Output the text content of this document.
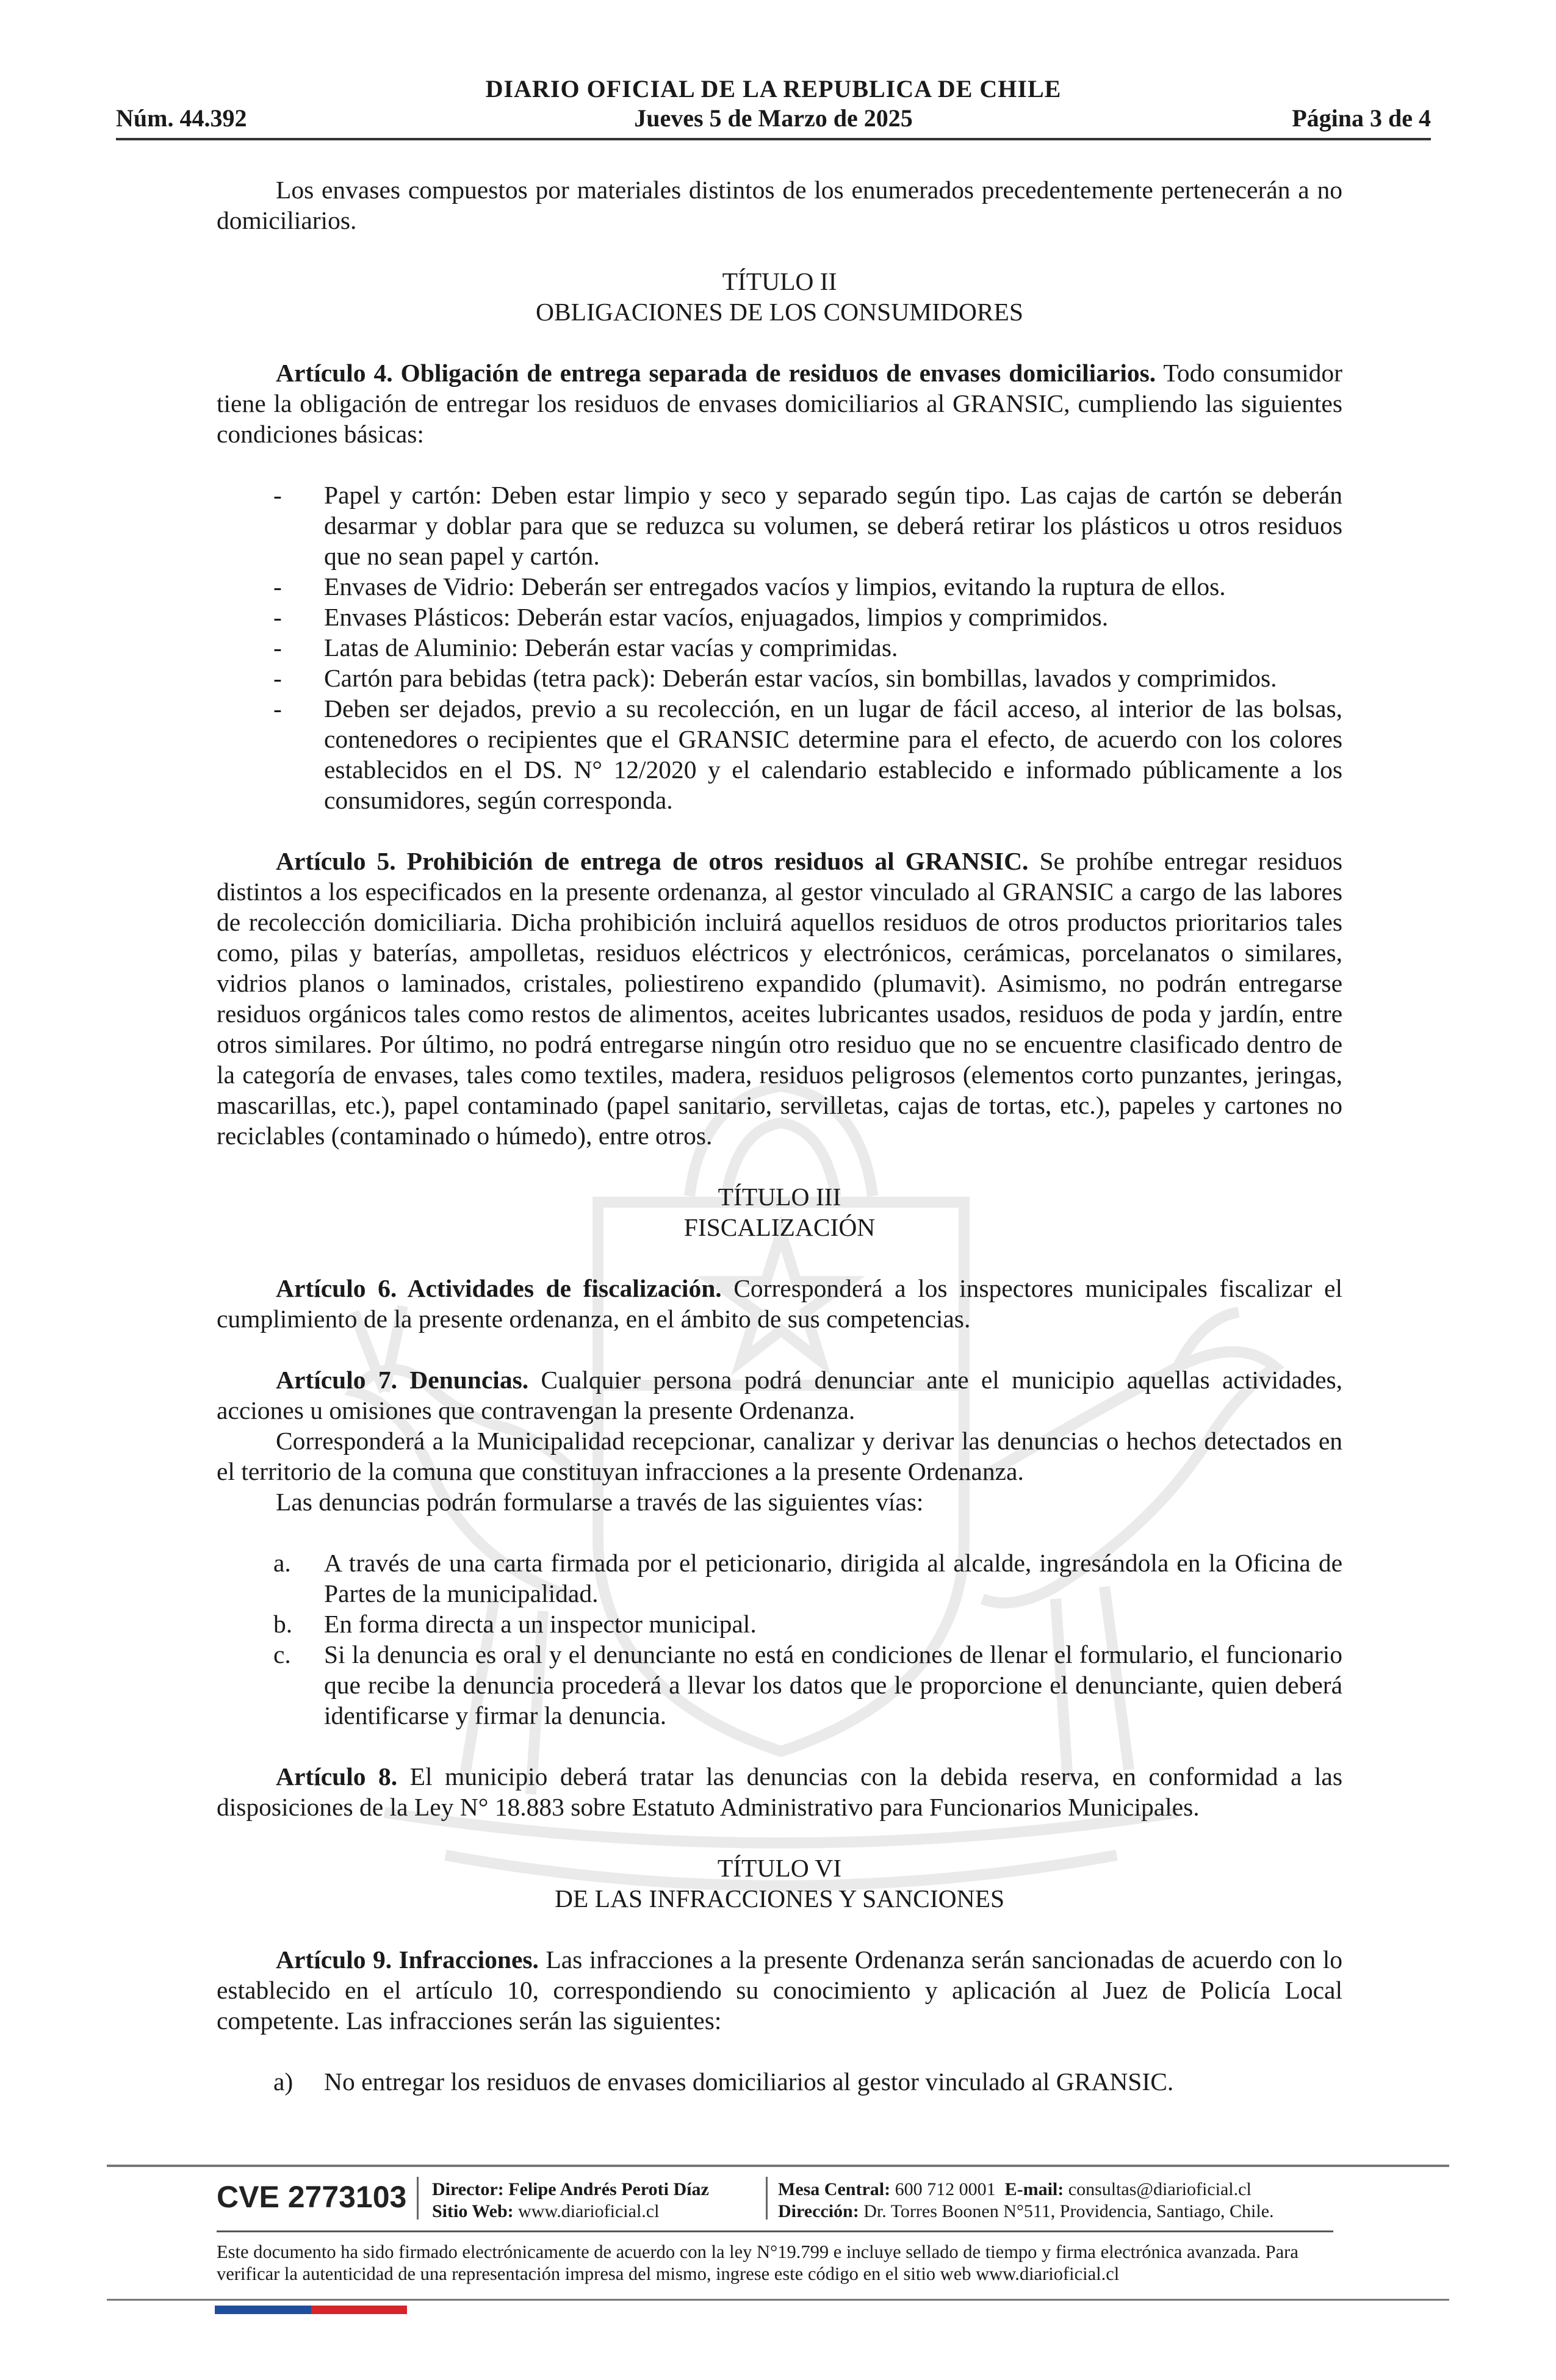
DIARIO OFICIAL DE LA REPUBLICA DE CHILE
Núm. 44.392	Jueves 5 de Marzo de 2025	Página 3 de 4

Los envases compuestos por materiales distintos de los enumerados precedentemente pertenecerán a no domiciliarios.

TÍTULO II

OBLIGACIONES DE LOS CONSUMIDORES

Artículo 4. Obligación de entrega separada de residuos de envases domiciliarios. Todo consumidor tiene la obligación de entregar los residuos de envases domiciliarios al GRANSIC, cumpliendo las siguientes condiciones básicas:

- Papel y cartón: Deben estar limpio y seco y separado según tipo. Las cajas de cartón se deberán desarmar y doblar para que se reduzca su volumen, se deberá retirar los plásticos u otros residuos que no sean papel y cartón.
- Envases de Vidrio: Deberán ser entregados vacíos y limpios, evitando la ruptura de ellos.
- Envases Plásticos: Deberán estar vacíos, enjuagados, limpios y comprimidos.
- Latas de Aluminio: Deberán estar vacías y comprimidas.
- Cartón para bebidas (tetra pack): Deberán estar vacíos, sin bombillas, lavados y comprimidos.
- Deben ser dejados, previo a su recolección, en un lugar de fácil acceso, al interior de las bolsas, contenedores o recipientes que el GRANSIC determine para el efecto, de acuerdo con los colores establecidos en el DS. N° 12/2020 y el calendario establecido e informado públicamente a los consumidores, según corresponda.

Artículo 5. Prohibición de entrega de otros residuos al GRANSIC. Se prohíbe entregar residuos distintos a los especificados en la presente ordenanza, al gestor vinculado al GRANSIC a cargo de las labores de recolección domiciliaria. Dicha prohibición incluirá aquellos residuos de otros productos prioritarios tales como, pilas y baterías, ampolletas, residuos eléctricos y electrónicos, cerámicas, porcelanatos o similares, vidrios planos o laminados, cristales, poliestireno expandido (plumavit). Asimismo, no podrán entregarse residuos orgánicos tales como restos de alimentos, aceites lubricantes usados, residuos de poda y jardín, entre otros similares. Por último, no podrá entregarse ningún otro residuo que no se encuentre clasificado dentro de la categoría de envases, tales como textiles, madera, residuos peligrosos (elementos corto punzantes, jeringas, mascarillas, etc.), papel contaminado (papel sanitario, servilletas, cajas de tortas, etc.), papeles y cartones no reciclables (contaminado o húmedo), entre otros.

TÍTULO III

FISCALIZACIÓN

Artículo 6. Actividades de fiscalización. Corresponderá a los inspectores municipales fiscalizar el cumplimiento de la presente ordenanza, en el ámbito de sus competencias.

Artículo 7. Denuncias. Cualquier persona podrá denunciar ante el municipio aquellas actividades, acciones u omisiones que contravengan la presente Ordenanza.

Corresponderá a la Municipalidad recepcionar, canalizar y derivar las denuncias o hechos detectados en el territorio de la comuna que constituyan infracciones a la presente Ordenanza.

Las denuncias podrán formularse a través de las siguientes vías:

a. A través de una carta firmada por el peticionario, dirigida al alcalde, ingresándola en la Oficina de Partes de la municipalidad.
b. En forma directa a un inspector municipal.
c. Si la denuncia es oral y el denunciante no está en condiciones de llenar el formulario, el funcionario que recibe la denuncia procederá a llevar los datos que le proporcione el denunciante, quien deberá identificarse y firmar la denuncia.

Artículo 8. El municipio deberá tratar las denuncias con la debida reserva, en conformidad a las disposiciones de la Ley N° 18.883 sobre Estatuto Administrativo para Funcionarios Municipales.

TÍTULO VI

DE LAS INFRACCIONES Y SANCIONES

Artículo 9. Infracciones. Las infracciones a la presente Ordenanza serán sancionadas de acuerdo con lo establecido en el artículo 10, correspondiendo su conocimiento y aplicación al Juez de Policía Local competente. Las infracciones serán las siguientes:

a) No entregar los residuos de envases domiciliarios al gestor vinculado al GRANSIC.
CVE 2773103 Director: Felipe Andrés Peroti Díaz
Sitio Web: www.diarioficial.cl
Mesa Central: 600 712 0001 E-mail: consultas@diarioficial.cl
Dirección: Dr. Torres Boonen N°511, Providencia, Santiago, Chile.
Este documento ha sido firmado electrónicamente de acuerdo con la ley N°19.799 e incluye sellado de tiempo y firma electrónica avanzada. Para verificar la autenticidad de una representación impresa del mismo, ingrese este código en el sitio web www.diarioficial.cl
